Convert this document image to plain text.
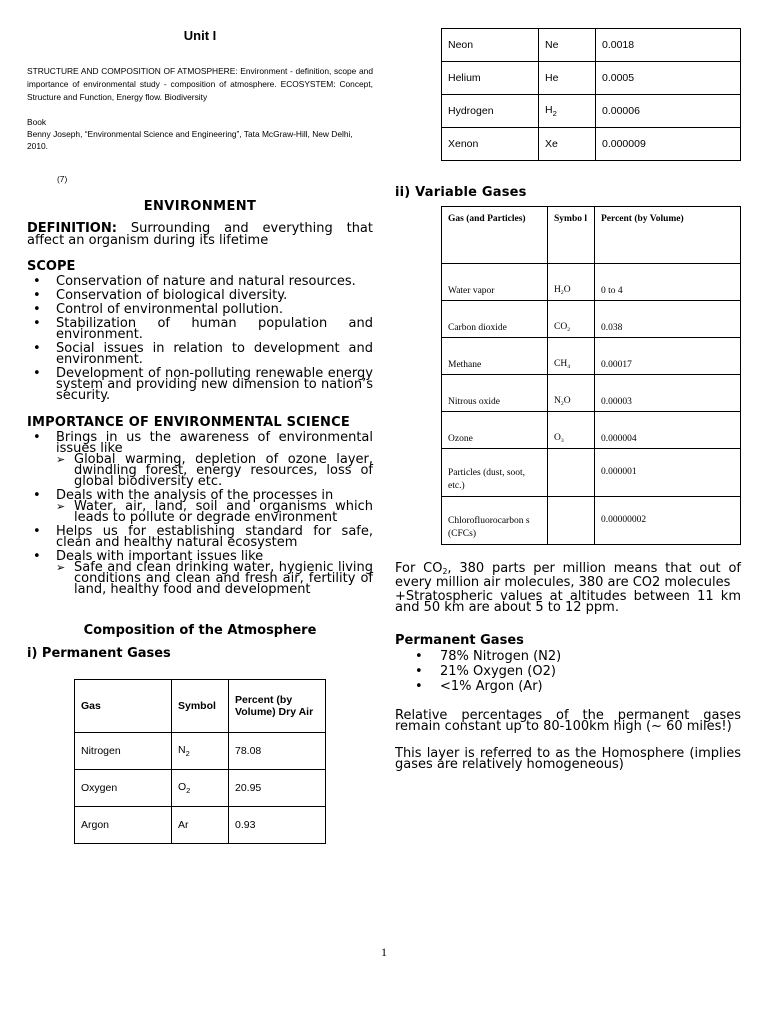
Unit I

STRUCTURE AND COMPOSITION OF ATMOSPHERE: Environment - definition, scope and importance of environmental study - composition of atmosphere. ECOSYSTEM: Concept, Structure and Function, Energy flow. Biodiversity

Book
Benny Joseph, “Environmental Science and Engineering”, Tata McGraw-Hill, New Delhi, 2010.
(7)
ENVIRONMENT

DEFINITION: Surrounding and everything that affect an organism during its lifetime

SCOPE
• Conservation of nature and natural resources.
• Conservation of biological diversity.
• Control of environmental pollution.
• Stabilization of human population and environment.
• Social issues in relation to development and environment.
• Development of non-polluting renewable energy system and providing new dimension to nation’s security.
IMPORTANCE OF ENVIRONMENTAL SCIENCE
• Brings in us the awareness of environmental issues like
➢ Global warming, depletion of ozone layer, dwindling forest, energy resources, loss of global biodiversity etc.
• Deals with the analysis of the processes in
➢ Water, air, land, soil and organisms which leads to pollute or degrade environment
• Helps us for establishing standard for safe, clean and healthy natural ecosystem
• Deals with important issues like
➢ Safe and clean drinking water, hygienic living conditions and clean and fresh air, fertility of land, healthy food and development
Composition of the Atmosphere
i) Permanent Gases
Gas	Symbol	Percent (by Volume) Dry Air
Nitrogen	$N_2$	78.08
Oxygen	$O_2$	20.95
Argon	Ar	0.93
Neon	Ne	0.0018
Helium	He	0.0005
Hydrogen	$H_2$	0.00006
Xenon	Xe	0.000009
ii) Variable Gases
Gas (and Particles)	Symbo l	Percent (by Volume)
Water vapor	$H_2O$	0 to 4
Carbon dioxide	$CO_2$	0.038
Methane	$CH_4$	0.00017
Nitrous oxide	$N_2O$	0.00003
Ozone	$O_3$	0.000004
Particles (dust, soot, etc.)		0.000001
Chlorofluorocarbon s (CFCs)		0.00000002

For $CO_2$, 380 parts per million means that out of every million air molecules, 380 are CO2 molecules

+Stratospheric values at altitudes between 11 km and 50 km are about 5 to 12 ppm.

Permanent Gases
• 78% Nitrogen (N2)
• 21% Oxygen (O2)
• <1% Argon (Ar)

Relative percentages of the permanent gases remain constant up to 80-100km high (~ 60 miles!)

This layer is referred to as the Homosphere (implies gases are relatively homogeneous)

1
